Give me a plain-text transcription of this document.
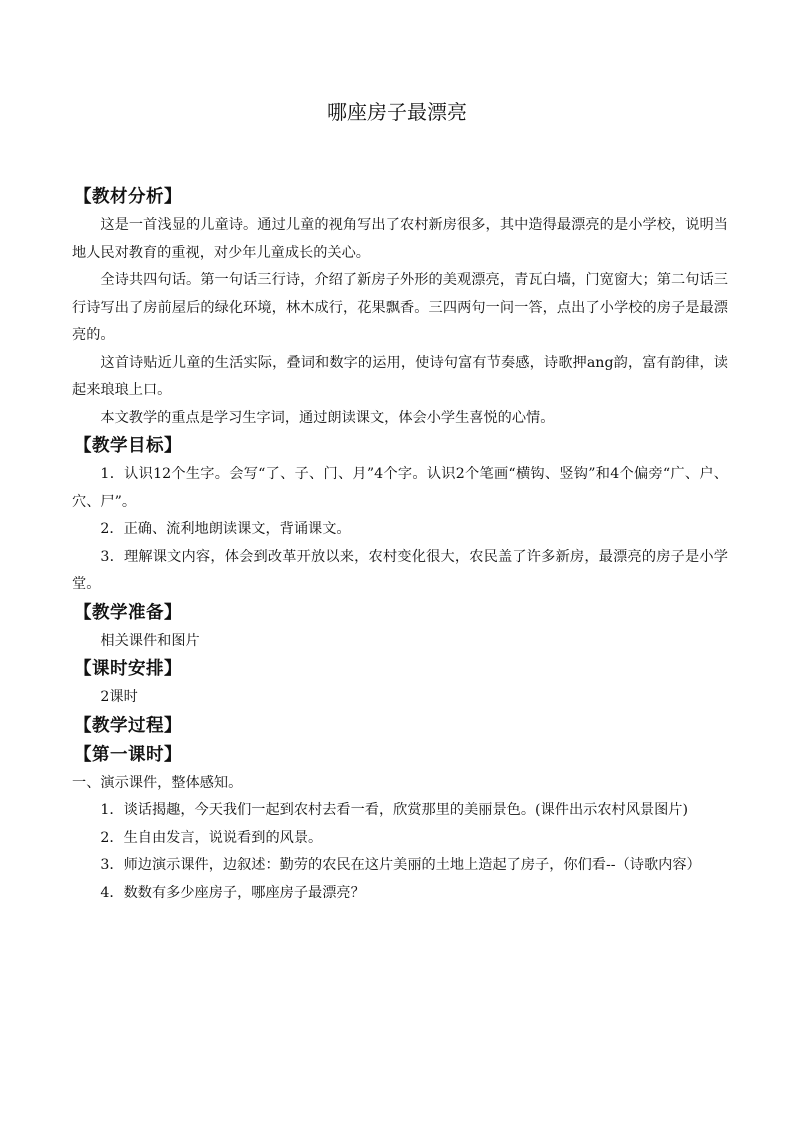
哪座房子最漂亮
【教材分析】

这是一首浅显的儿童诗。通过儿童的视角写出了农村新房很多，其中造得最漂亮的是小学校，说明当地人民对教育的重视，对少年儿童成长的关心。

全诗共四句话。第一句话三行诗，介绍了新房子外形的美观漂亮，青瓦白墙，门宽窗大；第二句话三行诗写出了房前屋后的绿化环境，林木成行，花果飘香。三四两句一问一答，点出了小学校的房子是最漂亮的。

这首诗贴近儿童的生活实际，叠词和数字的运用，使诗句富有节奏感，诗歌押ang韵，富有韵律，读起来琅琅上口。

本文教学的重点是学习生字词，通过朗读课文，体会小学生喜悦的心情。

【教学目标】

1．认识12个生字。会写“了、子、门、月”4个字。认识2个笔画“横钩、竖钩”和4个偏旁“广、户、穴、尸”。

2．正确、流利地朗读课文，背诵课文。

3．理解课文内容，体会到改革开放以来，农村变化很大，农民盖了许多新房，最漂亮的房子是小学堂。

【教学准备】

相关课件和图片

【课时安排】

2课时

【教学过程】
【第一课时】

一、演示课件，整体感知。

1．谈话揭趣，今天我们一起到农村去看一看，欣赏那里的美丽景色。(课件出示农村风景图片)

2．生自由发言，说说看到的风景。

3．师边演示课件，边叙述：勤劳的农民在这片美丽的土地上造起了房子，你们看--（诗歌内容）

4．数数有多少座房子，哪座房子最漂亮？
